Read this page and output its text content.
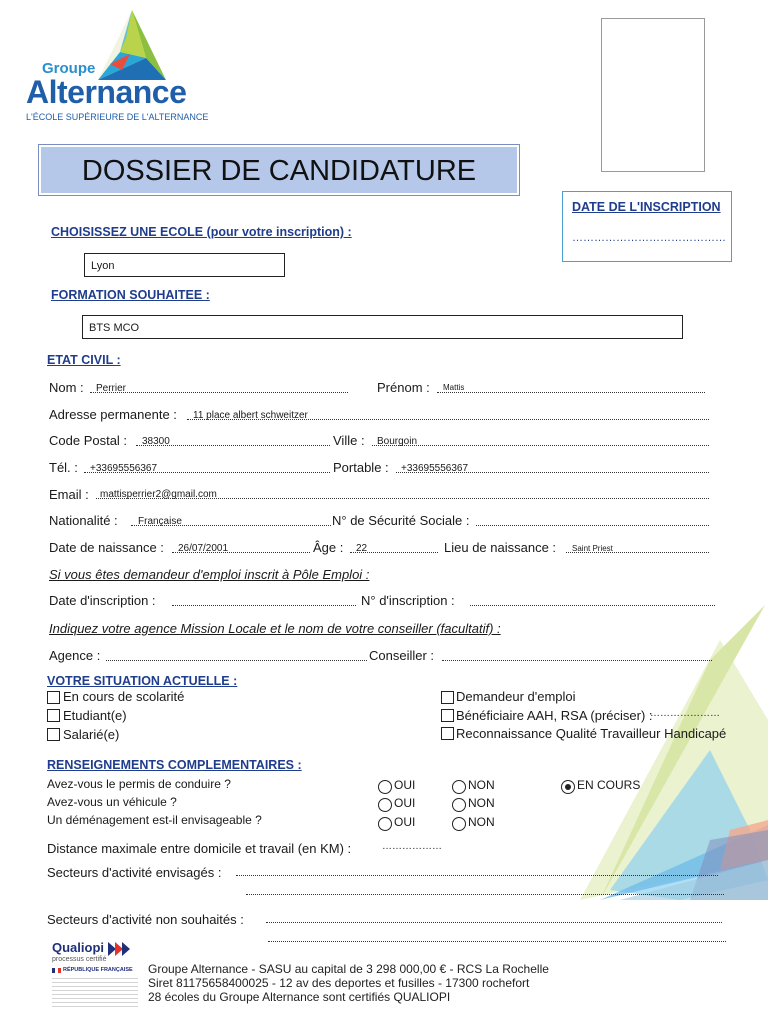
Groupe
Alternance
L'ÉCOLE SUPÉRIEURE DE L'ALTERNANCE
DOSSIER DE CANDIDATURE
DATE DE L'INSCRIPTION
……………………………………
CHOISISSEZ UNE ECOLE (pour votre inscription) :
Lyon
FORMATION SOUHAITEE :
BTS MCO
ETAT CIVIL :
Nom : Perrier	Prénom : Mattis
Adresse permanente : 11 place albert schweitzer
Code Postal : 38300	Ville : Bourgoin
Tél. : +33695556367	Portable : +33695556367
Email : mattisperrier2@gmail.com
Nationalité : Française	N° de Sécurité Sociale :
Date de naissance : 26/07/2001	Âge : 22	Lieu de naissance : Saint Priest
Si vous êtes demandeur d'emploi inscrit à Pôle Emploi :
Date d'inscription :	N° d'inscription :
Indiquez votre agence Mission Locale et le nom de votre conseiller (facultatif) :
Agence :	Conseiller :
VOTRE SITUATION ACTUELLE :
En cours de scolarité
Etudiant(e)
Salarié(e)
Demandeur d'emploi
Bénéficiaire AAH, RSA (préciser) :
…………………
Reconnaissance Qualité Travailleur Handicapé
RENSEIGNEMENTS COMPLEMENTAIRES :
Avez-vous le permis de conduire ?	OUI	NON	EN COURS
Avez-vous un véhicule ?	OUI	NON
Un déménagement est-il envisageable ?	OUI	NON
Distance maximale entre domicile et travail (en KM) :	………………
Secteurs d'activité envisagés :
Secteurs d'activité non souhaités :
Qualiopi
processus certifié
RÉPUBLIQUE FRANÇAISE Groupe Alternance - SASU au capital de 3 298 000,00 € - RCS La Rochelle
Siret 81175658400025 - 12 av des deportes et fusilles - 17300 rochefort
28 écoles du Groupe Alternance sont certifiés QUALIOPI
